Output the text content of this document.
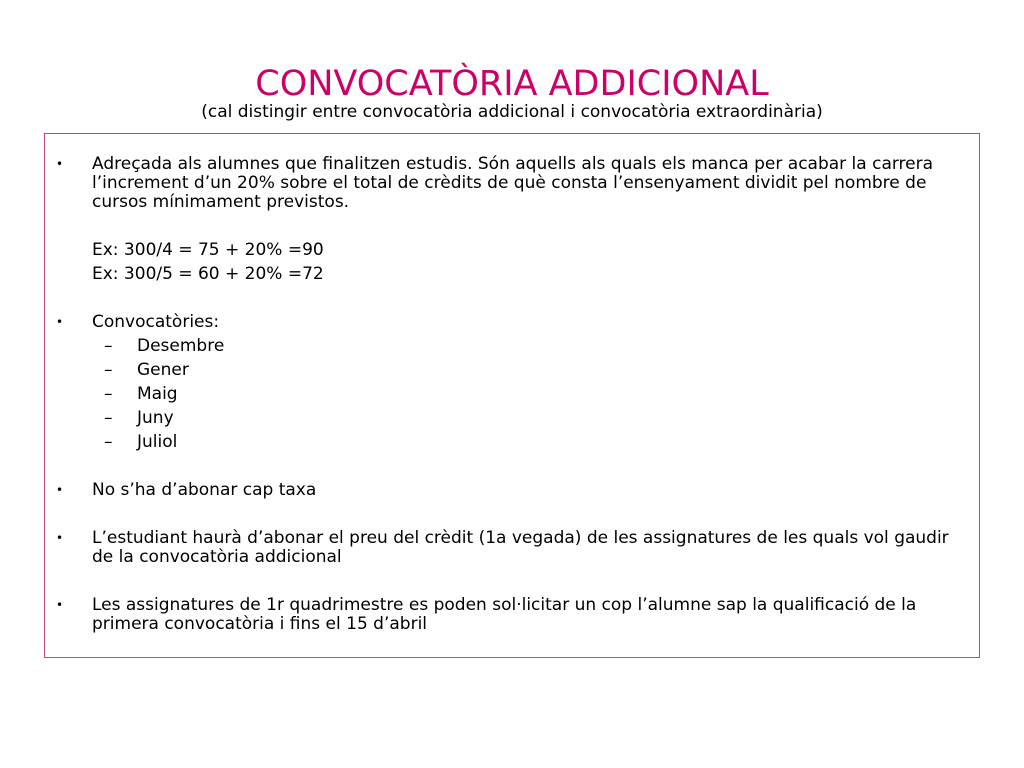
CONVOCATÒRIA ADDICIONAL
(cal distingir entre convocatòria addicional i convocatòria extraordinària)
• Adreçada als alumnes que finalitzen estudis. Són aquells als quals els manca per acabar la carrera
l’increment d’un 20% sobre el total de crèdits de què consta l’ensenyament dividit pel nombre de
cursos mínimament previstos.
Ex: 300/4 = 75 + 20% =90
Ex: 300/5 = 60 + 20% =72
• Convocatòries:
– Desembre
– Gener
– Maig
– Juny
– Juliol
• No s’ha d’abonar cap taxa
• L’estudiant haurà d’abonar el preu del crèdit (1a vegada) de les assignatures de les quals vol gaudir
de la convocatòria addicional
• Les assignatures de 1r quadrimestre es poden sol·licitar un cop l’alumne sap la qualificació de la
primera convocatòria i fins el 15 d’abril
